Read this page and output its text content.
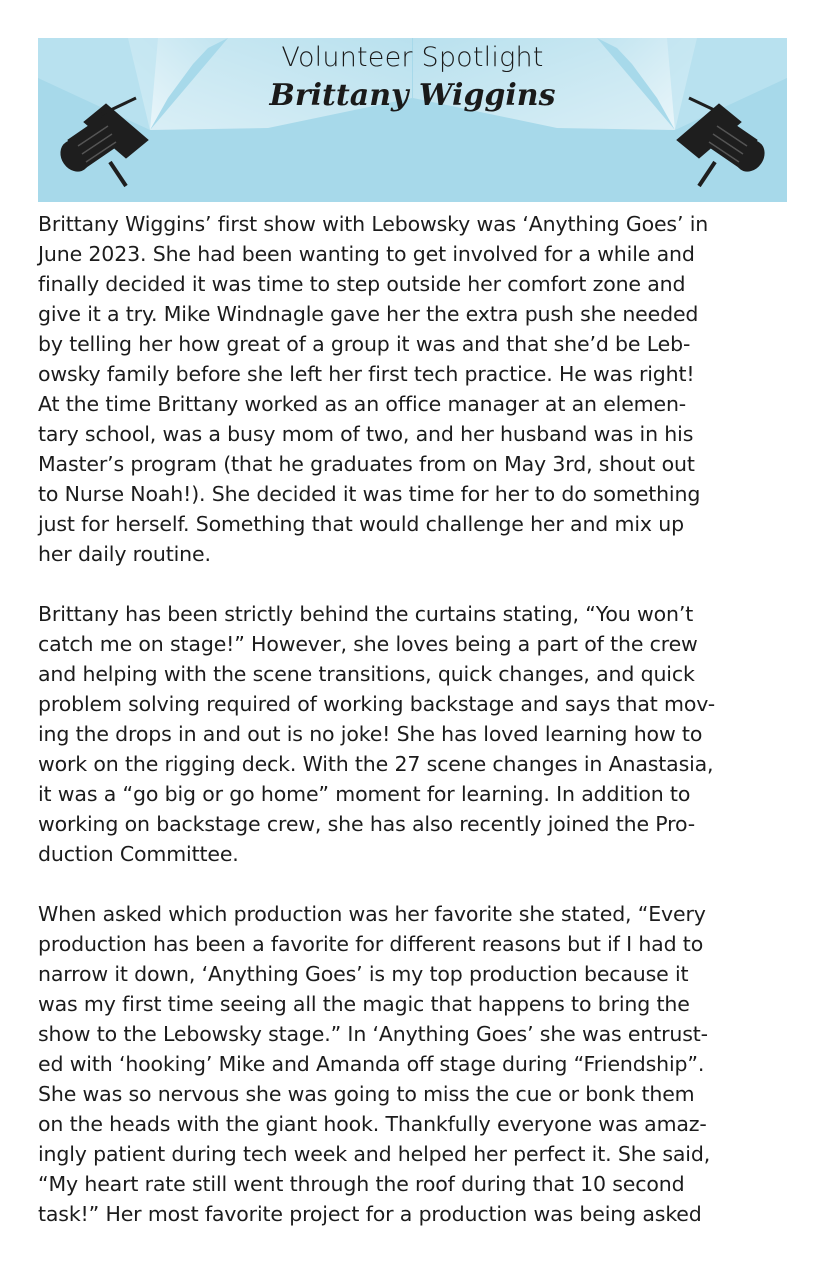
Volunteer Spotlight
Brittany Wiggins

Brittany Wiggins’ first show with Lebowsky was ‘Anything Goes’ in
June 2023. She had been wanting to get involved for a while and
finally decided it was time to step outside her comfort zone and
give it a try. Mike Windnagle gave her the extra push she needed
by telling her how great of a group it was and that she’d be Leb-
owsky family before she left her first tech practice. He was right!
At the time Brittany worked as an office manager at an elemen-
tary school, was a busy mom of two, and her husband was in his
Master’s program (that he graduates from on May 3rd, shout out
to Nurse Noah!). She decided it was time for her to do something
just for herself. Something that would challenge her and mix up
her daily routine.

Brittany has been strictly behind the curtains stating, “You won’t
catch me on stage!” However, she loves being a part of the crew
and helping with the scene transitions, quick changes, and quick
problem solving required of working backstage and says that mov-
ing the drops in and out is no joke! She has loved learning how to
work on the rigging deck. With the 27 scene changes in Anastasia,
it was a “go big or go home” moment for learning. In addition to
working on backstage crew, she has also recently joined the Pro-
duction Committee.

When asked which production was her favorite she stated, “Every
production has been a favorite for different reasons but if I had to
narrow it down, ‘Anything Goes’ is my top production because it
was my first time seeing all the magic that happens to bring the
show to the Lebowsky stage.” In ‘Anything Goes’ she was entrust-
ed with ‘hooking’ Mike and Amanda off stage during “Friendship”.
She was so nervous she was going to miss the cue or bonk them
on the heads with the giant hook. Thankfully everyone was amaz-
ingly patient during tech week and helped her perfect it. She said,
“My heart rate still went through the roof during that 10 second
task!” Her most favorite project for a production was being asked
